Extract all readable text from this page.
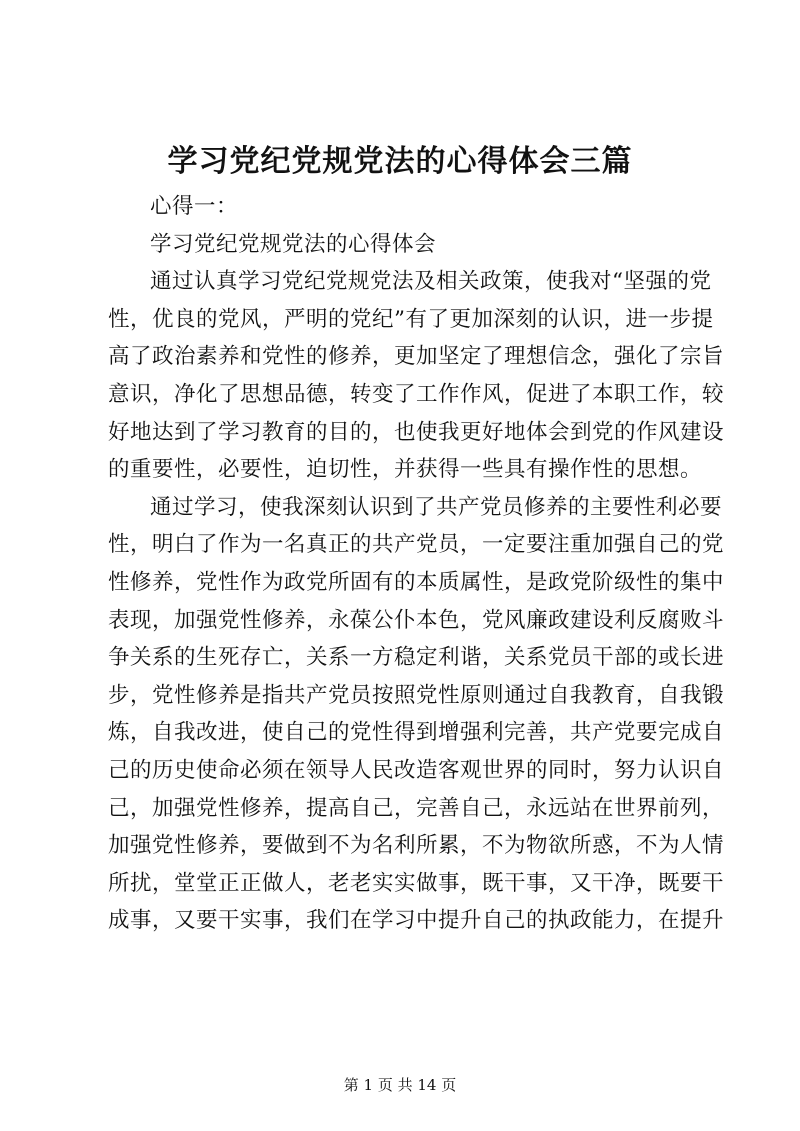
学习党纪党规党法的心得体会三篇
心得一：
学习党纪党规党法的心得体会
通过认真学习党纪党规党法及相关政策，使我对“坚强的党
性，优良的党风，严明的党纪”有了更加深刻的认识，进一步提
高了政治素养和党性的修养，更加坚定了理想信念，强化了宗旨
意识，净化了思想品德，转变了工作作风，促进了本职工作，较
好地达到了学习教育的目的，也使我更好地体会到党的作风建设
的重要性，必要性，迫切性，并获得一些具有操作性的思想。
通过学习，使我深刻认识到了共产党员修养的主要性利必要
性，明白了作为一名真正的共产党员，一定要注重加强自己的党
性修养，党性作为政党所固有的本质属性，是政党阶级性的集中
表现，加强党性修养，永葆公仆本色，党风廉政建设利反腐败斗
争关系的生死存亡，关系一方稳定利谐，关系党员干部的或长进
步，党性修养是指共产党员按照党性原则通过自我教育，自我锻
炼，自我改进，使自己的党性得到增强利完善，共产党要完成自
己的历史使命必须在领导人民改造客观世界的同时，努力认识自
己，加强党性修养，提高自己，完善自己，永远站在世界前列，
加强党性修养，要做到不为名利所累，不为物欲所惑，不为人情
所扰，堂堂正正做人，老老实实做事，既干事，又干净，既要干
成事，又要干实事，我们在学习中提升自己的执政能力，在提升
第 1 页 共 14 页
